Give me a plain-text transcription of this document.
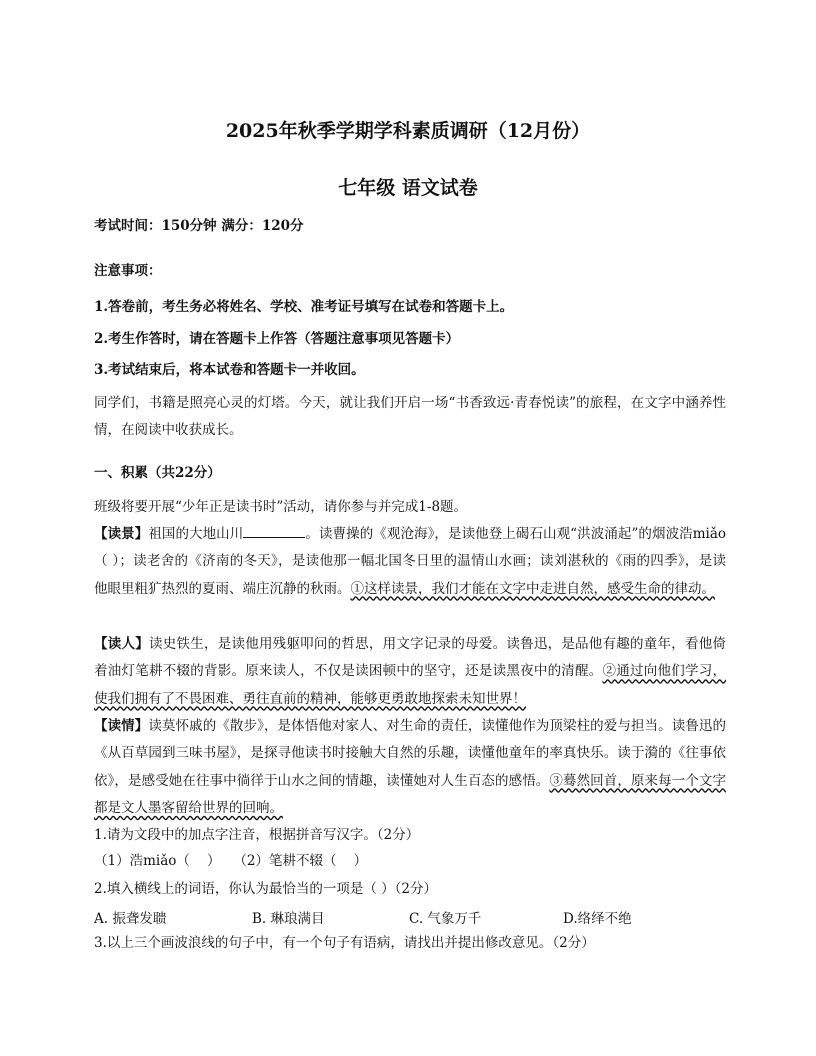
2025年秋季学期学科素质调研（12月份）
七年级 语文试卷
考试时间：150分钟 满分：120分
注意事项：
1.答卷前，考生务必将姓名、学校、准考证号填写在试卷和答题卡上。
2.考生作答时，请在答题卡上作答（答题注意事项见答题卡）
3.考试结束后，将本试卷和答题卡一并收回。
同学们，书籍是照亮心灵的灯塔。今天，就让我们开启一场“书香致远·青春悦读”的旅程，在文字中涵养性情，在阅读中收获成长。
一、积累（共22分）
班级将要开展“少年正是读书时”活动，请你参与并完成1-8题。
【读景】祖国的大地山川	。读曹操的《观沧海》，是读他登上碣石山观“洪波涌起”的烟波浩miǎo（ ）；读老舍的《济南的冬天》，是读他那一幅北国冬日里的温情山水画；读刘湛秋的《雨的四季》，是读他眼里粗犷热烈的夏雨、端庄沉静的秋雨。①这样读景，我们才能在文字中走进自然，感受生命的律动。
【读人】读史铁生，是读他用残躯叩问的哲思，用文字记录的母爱。读鲁迅，是品他有趣的童年，看他倚着油灯笔耕不辍的背影。原来读人，不仅是读困顿中的坚守，还是读黑夜中的清醒。②通过向他们学习，使我们拥有了不畏困难、勇往直前的精神，能够更勇敢地探索未知世界！
【读情】读莫怀戚的《散步》，是体悟他对家人、对生命的责任，读懂他作为顶梁柱的爱与担当。读鲁迅的《从百草园到三味书屋》，是探寻他读书时接触大自然的乐趣，读懂他童年的率真快乐。读于漪的《往事依依》，是感受她在往事中徜徉于山水之间的情趣，读懂她对人生百态的感悟。③蓦然回首，原来每一个文字都是文人墨客留给世界的回响。
1.请为文段中的加点字注音，根据拼音写汉字。（2分）
（1）浩miǎo（    ）   （2）笔耕不辍（    ）
2.填入横线上的词语，你认为最恰当的一项是（ ）（2分）
A. 振聋发聩	B. 琳琅满目	C. 气象万千	D.络绎不绝
3.以上三个画波浪线的句子中，有一个句子有语病，请找出并提出修改意见。（2分）
